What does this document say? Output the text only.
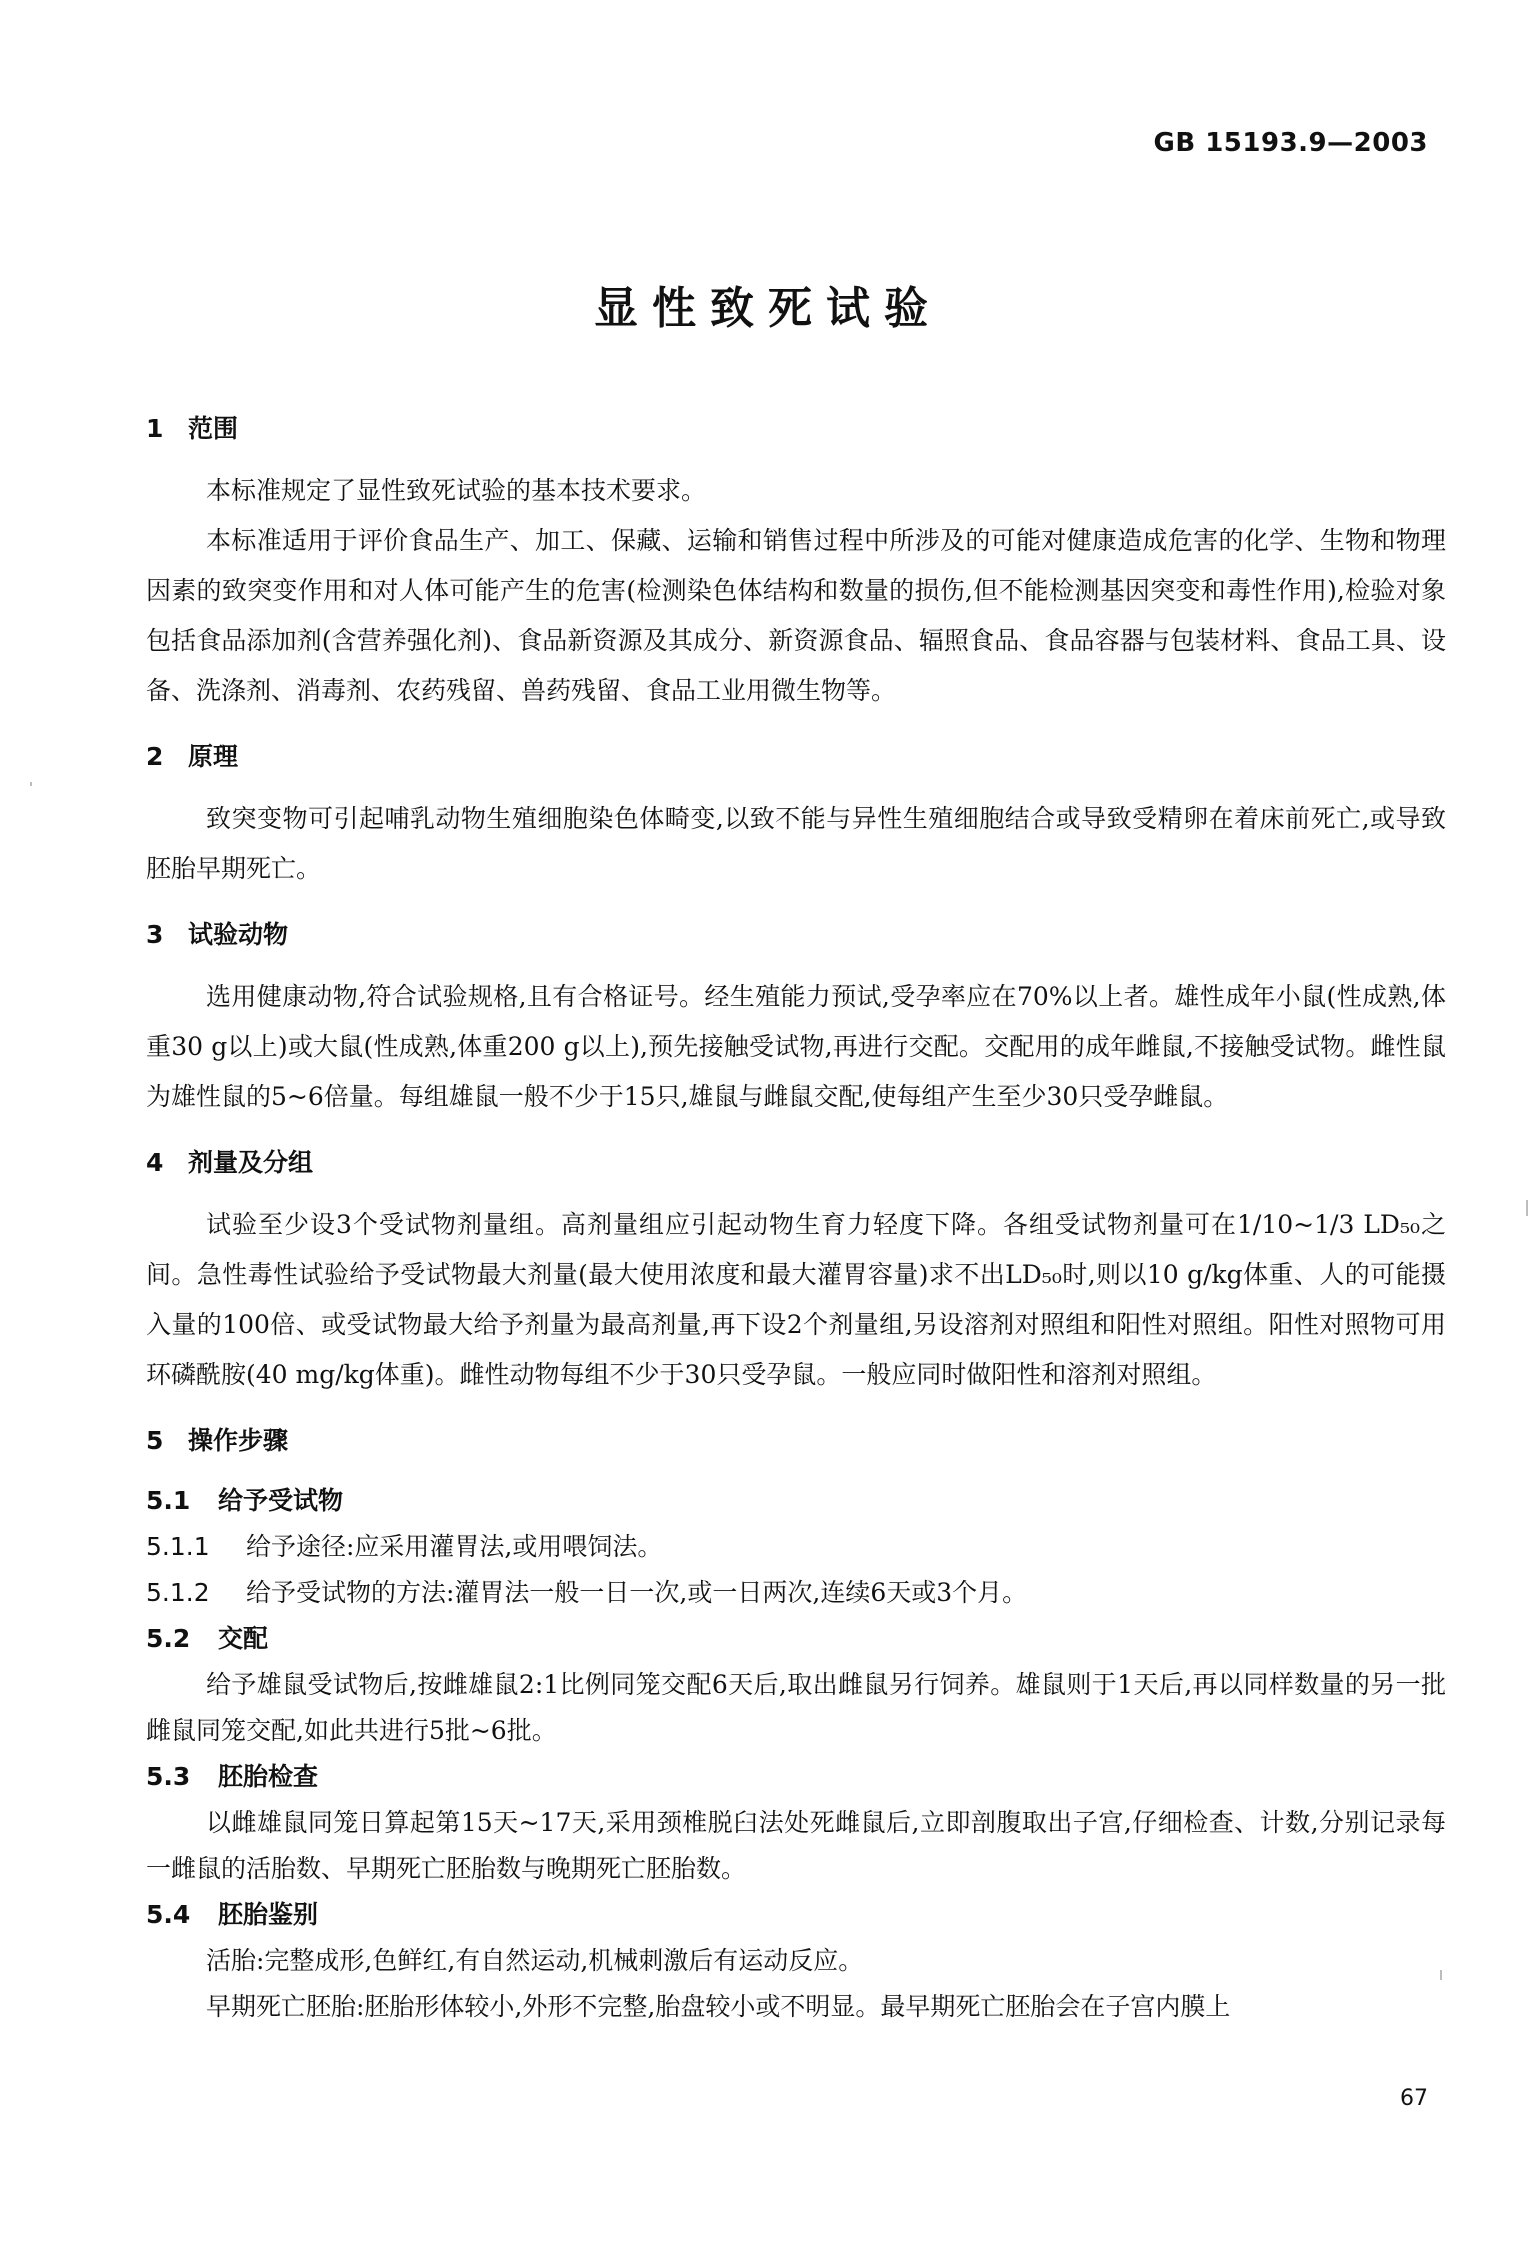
GB 15193.9—2003
显性致死试验
1 范围

本标准规定了显性致死试验的基本技术要求。

本标准适用于评价食品生产、加工、保藏、运输和销售过程中所涉及的可能对健康造成危害的化学、生物和物理因素的致突变作用和对人体可能产生的危害(检测染色体结构和数量的损伤,但不能检测基因突变和毒性作用),检验对象包括食品添加剂(含营养强化剂)、食品新资源及其成分、新资源食品、辐照食品、食品容器与包装材料、食品工具、设备、洗涤剂、消毒剂、农药残留、兽药残留、食品工业用微生物等。

2 原理

致突变物可引起哺乳动物生殖细胞染色体畸变,以致不能与异性生殖细胞结合或导致受精卵在着床前死亡,或导致胚胎早期死亡。

3 试验动物

选用健康动物,符合试验规格,且有合格证号。经生殖能力预试,受孕率应在70%以上者。雄性成年小鼠(性成熟,体重30 g以上)或大鼠(性成熟,体重200 g以上),预先接触受试物,再进行交配。交配用的成年雌鼠,不接触受试物。雌性鼠为雄性鼠的5~6倍量。每组雄鼠一般不少于15只,雄鼠与雌鼠交配,使每组产生至少30只受孕雌鼠。

4 剂量及分组

试验至少设3个受试物剂量组。高剂量组应引起动物生育力轻度下降。各组受试物剂量可在1/10~1/3 LD₅₀之间。急性毒性试验给予受试物最大剂量(最大使用浓度和最大灌胃容量)求不出LD₅₀时,则以10 g/kg体重、人的可能摄入量的100倍、或受试物最大给予剂量为最高剂量,再下设2个剂量组,另设溶剂对照组和阳性对照组。阳性对照物可用环磷酰胺(40 mg/kg体重)。雌性动物每组不少于30只受孕鼠。一般应同时做阳性和溶剂对照组。

5 操作步骤
5.1 给予受试物
5.1.1 给予途径:应采用灌胃法,或用喂饲法。
5.1.2 给予受试物的方法:灌胃法一般一日一次,或一日两次,连续6天或3个月。
5.2 交配

给予雄鼠受试物后,按雌雄鼠2:1比例同笼交配6天后,取出雌鼠另行饲养。雄鼠则于1天后,再以同样数量的另一批雌鼠同笼交配,如此共进行5批~6批。

5.3 胚胎检查

以雌雄鼠同笼日算起第15天~17天,采用颈椎脱臼法处死雌鼠后,立即剖腹取出子宫,仔细检查、计数,分别记录每一雌鼠的活胎数、早期死亡胚胎数与晚期死亡胚胎数。

5.4 胚胎鉴别

活胎:完整成形,色鲜红,有自然运动,机械刺激后有运动反应。

早期死亡胚胎:胚胎形体较小,外形不完整,胎盘较小或不明显。最早期死亡胚胎会在子宫内膜上

67
